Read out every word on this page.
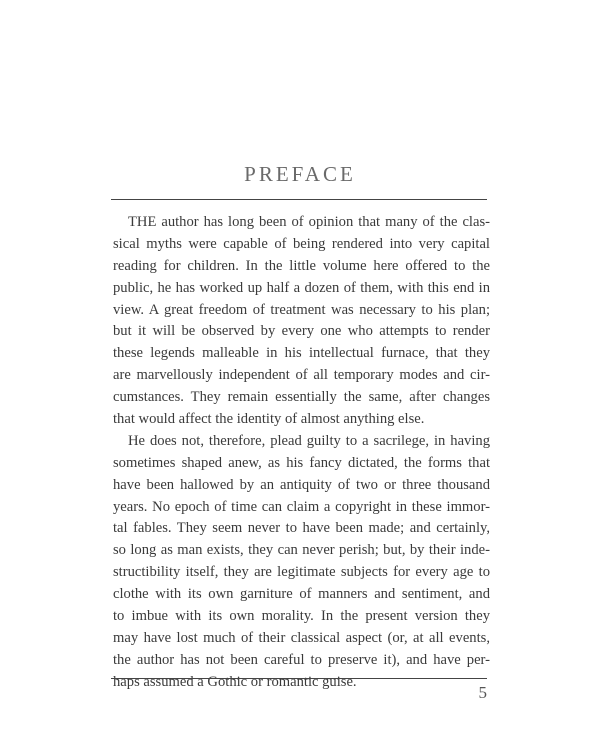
PREFACE
THE author has long been of opinion that many of the clas-
sical myths were capable of being rendered into very capital
reading for children. In the little volume here offered to the
public, he has worked up half a dozen of them, with this end in
view. A great freedom of treatment was necessary to his plan;
but it will be observed by every one who attempts to render
these legends malleable in his intellectual furnace, that they
are marvellously independent of all temporary modes and cir-
cumstances. They remain essentially the same, after changes
that would affect the identity of almost anything else.
He does not, therefore, plead guilty to a sacrilege, in having
sometimes shaped anew, as his fancy dictated, the forms that
have been hallowed by an antiquity of two or three thousand
years. No epoch of time can claim a copyright in these immor-
tal fables. They seem never to have been made; and certainly,
so long as man exists, they can never perish; but, by their inde-
structibility itself, they are legitimate subjects for every age to
clothe with its own garniture of manners and sentiment, and
to imbue with its own morality. In the present version they
may have lost much of their classical aspect (or, at all events,
the author has not been careful to preserve it), and have per-
haps assumed a Gothic or romantic guise.
5
